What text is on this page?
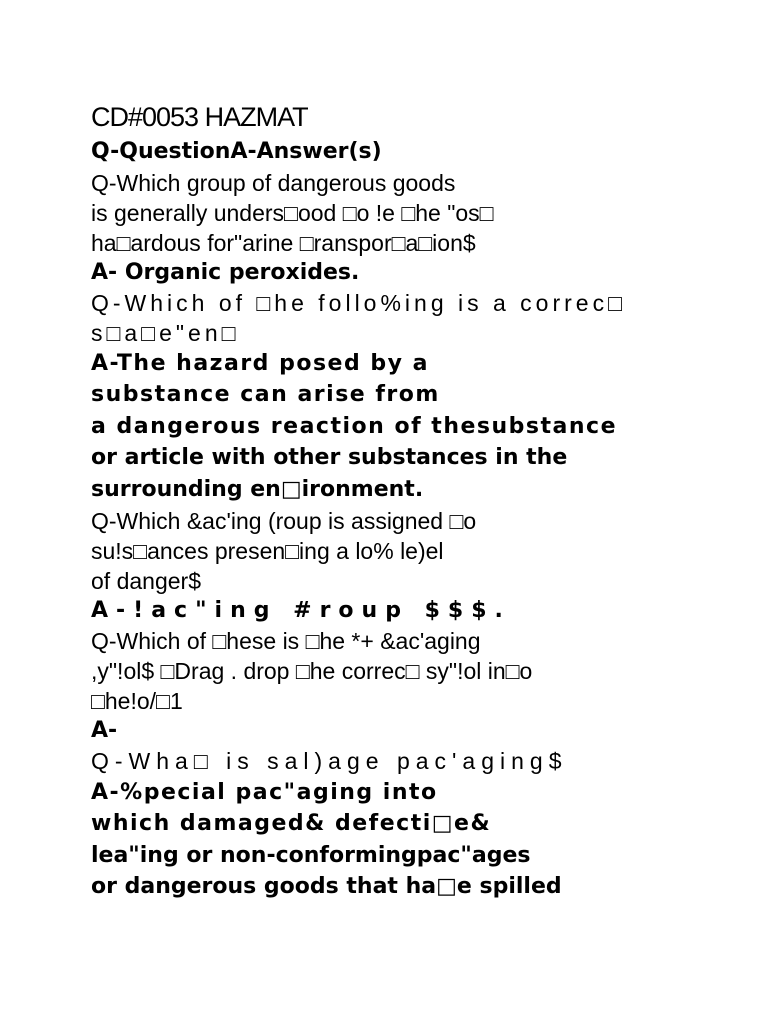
CD#0053 HAZMAT
Q-QuestionA-Answer(s)
Q-Which group of dangerous goods
is generally unders□ood □o !e □he "os□
ha□ardous for"arine □ranspor□a□ion$
A- Organic peroxides.
Q-Which of □he follo%ing is a correc□
s□a□e"en□
A-The hazard posed by a
substance can arise from
a dangerous reaction of thesubstance
or article with other substances in the
surrounding en□ironment.
Q-Which &ac'ing (roup is assigned □o
su!s□ances presen□ing a lo% le)el
of danger$
A-!ac"ing #roup $$$.
Q-Which of □hese is □he *+ &ac'aging
,y"!ol$ □Drag . drop □he correc□ sy"!ol in□o
□he!o/□1
A-
Q-Wha□ is sal)age pac'aging$
A-%pecial pac"aging into
which damaged& defecti□e&
lea"ing or non-conformingpac"ages
or dangerous goods that ha□e spilled
